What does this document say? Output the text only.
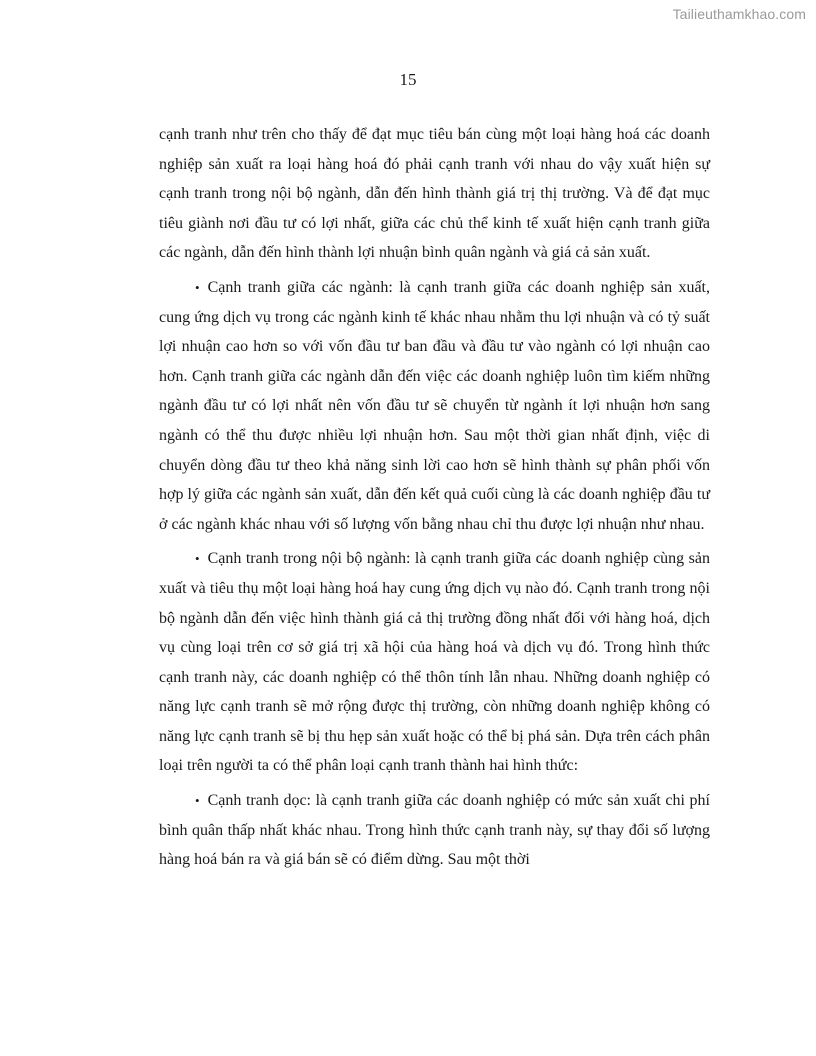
Tailieuthamkhao.com
15

cạnh tranh như trên cho thấy để đạt mục tiêu bán cùng một loại hàng hoá các doanh nghiệp sản xuất ra loại hàng hoá đó phải cạnh tranh với nhau do vậy xuất hiện sự cạnh tranh trong nội bộ ngành, dẫn đến hình thành giá trị thị trường. Và để đạt mục tiêu giành nơi đầu tư có lợi nhất, giữa các chủ thể kinh tế xuất hiện cạnh tranh giữa các ngành, dẫn đến hình thành lợi nhuận bình quân ngành và giá cả sản xuất.

• Cạnh tranh giữa các ngành: là cạnh tranh giữa các doanh nghiệp sản xuất, cung ứng dịch vụ trong các ngành kinh tế khác nhau nhằm thu lợi nhuận và có tỷ suất lợi nhuận cao hơn so với vốn đầu tư ban đầu và đầu tư vào ngành có lợi nhuận cao hơn. Cạnh tranh giữa các ngành dẫn đến việc các doanh nghiệp luôn tìm kiếm những ngành đầu tư có lợi nhất nên vốn đầu tư sẽ chuyển từ ngành ít lợi nhuận hơn sang ngành có thể thu được nhiều lợi nhuận hơn. Sau một thời gian nhất định, việc di chuyển dòng đầu tư theo khả năng sinh lời cao hơn sẽ hình thành sự phân phối vốn hợp lý giữa các ngành sản xuất, dẫn đến kết quả cuối cùng là các doanh nghiệp đầu tư ở các ngành khác nhau với số lượng vốn bằng nhau chỉ thu được lợi nhuận như nhau.

• Cạnh tranh trong nội bộ ngành: là cạnh tranh giữa các doanh nghiệp cùng sản xuất và tiêu thụ một loại hàng hoá hay cung ứng dịch vụ nào đó. Cạnh tranh trong nội bộ ngành dẫn đến việc hình thành giá cả thị trường đồng nhất đối với hàng hoá, dịch vụ cùng loại trên cơ sở giá trị xã hội của hàng hoá và dịch vụ đó. Trong hình thức cạnh tranh này, các doanh nghiệp có thể thôn tính lẫn nhau. Những doanh nghiệp có năng lực cạnh tranh sẽ mở rộng được thị trường, còn những doanh nghiệp không có năng lực cạnh tranh sẽ bị thu hẹp sản xuất hoặc có thể bị phá sản. Dựa trên cách phân loại trên người ta có thể phân loại cạnh tranh thành hai hình thức:

• Cạnh tranh dọc: là cạnh tranh giữa các doanh nghiệp có mức sản xuất chi phí bình quân thấp nhất khác nhau. Trong hình thức cạnh tranh này, sự thay đổi số lượng hàng hoá bán ra và giá bán sẽ có điểm dừng. Sau một thời
